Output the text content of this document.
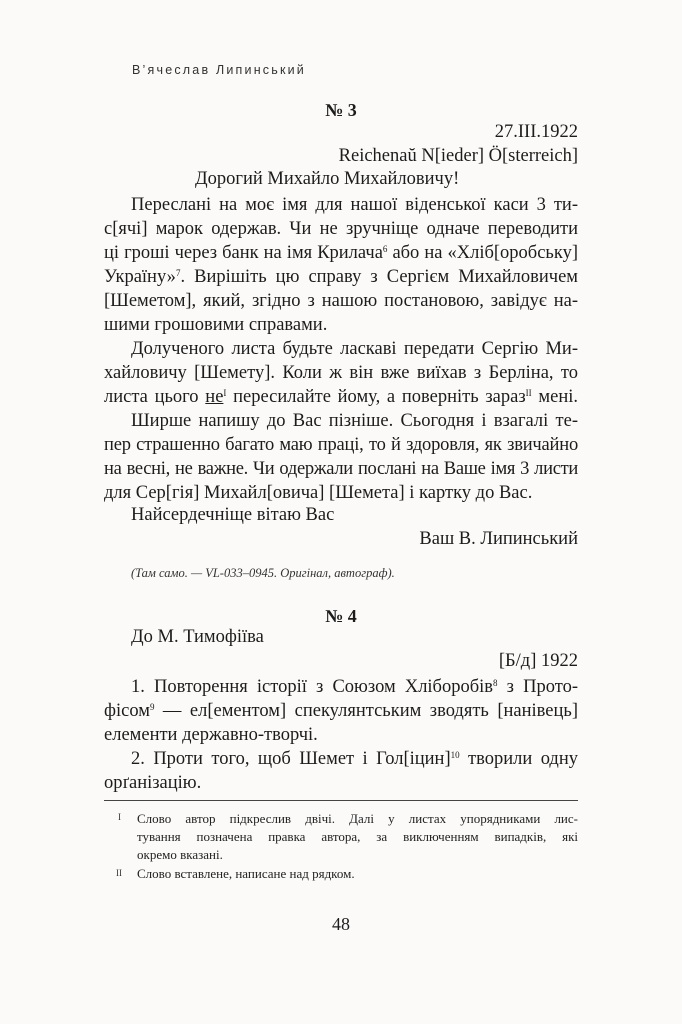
В’ячеслав Липинський
№ 3
27.III.1922
Reichenaŭ N[ieder] Ö[sterreich]
Дорогий Михайло Михайловичу!
Переслані на моє імя для нашої віденської каси 3 ти-
с[ячі] марок одержав. Чи не зручніще одначе переводити
ці гроші через банк на імя Крилача$^6$ або на «Хліб[оробську]
Україну»$^7$. Вирішіть цю справу з Сергієм Михайловичем
[Шеметом], який, згідно з нашою постановою, завідує на-
шими грошовими справами.
Долученого листа будьте ласкаві передати Сергію Ми-
хайловичу [Шемету]. Коли ж він вже виїхав з Берліна, то
листа цього $не^I$ пересилайте йому, а поверніть зараз$^{II}$ мені.
Ширше напишу до Вас пізніше. Сьогодня і взагалі те-
пер страшенно багато маю праці, то й здоровля, як звичайно
на весні, не важне. Чи одержали послані на Ваше імя 3 листи
для Сер[гія] Михайл[овича] [Шемета] і картку до Вас.
Найсердечніще вітаю Вас
Ваш В. Липинський
(Там само. — VL-033–0945. Оригінал, автограф).
№ 4
До М. Тимофіїва
[Б/д] 1922
1. Повторення історії з Союзом Хліборобів$^8$ з Прото-
фісом$^9$ — ел[ементом] спекулянтським зводять [нанівець]
елементи державно-творчі.
2. Проти того, щоб Шемет і Гол[іцин]$^{10}$ творили одну
орґанізацію.
I Слово автор підкреслив двічі. Далі у листах упорядниками лис-
тування позначена правка автора, за виключенням випадків, які
окремо вказані.
II Слово вставлене, написане над рядком.
48
